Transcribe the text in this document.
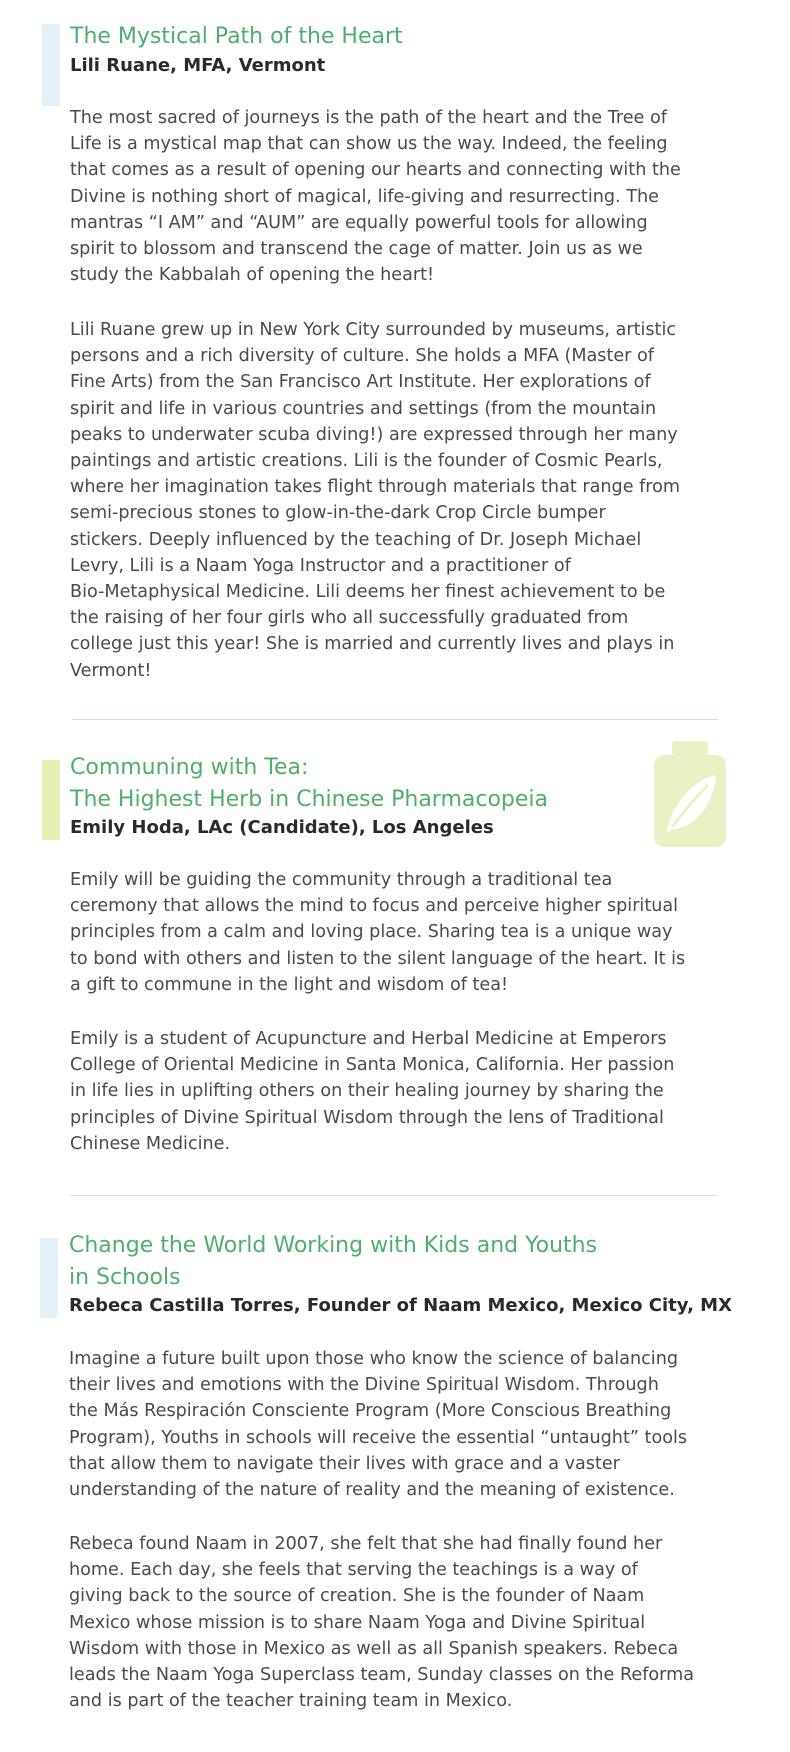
The Mystical Path of the Heart
Lili Ruane, MFA, Vermont

The most sacred of journeys is the path of the heart and the Tree of
Life is a mystical map that can show us the way. Indeed, the feeling
that comes as a result of opening our hearts and connecting with the
Divine is nothing short of magical, life-giving and resurrecting. The
mantras “I AM” and “AUM” are equally powerful tools for allowing
spirit to blossom and transcend the cage of matter. Join us as we
study the Kabbalah of opening the heart!

Lili Ruane grew up in New York City surrounded by museums, artistic
persons and a rich diversity of culture. She holds a MFA (Master of
Fine Arts) from the San Francisco Art Institute. Her explorations of
spirit and life in various countries and settings (from the mountain
peaks to underwater scuba diving!) are expressed through her many
paintings and artistic creations. Lili is the founder of Cosmic Pearls,
where her imagination takes flight through materials that range from
semi-precious stones to glow-in-the-dark Crop Circle bumper
stickers. Deeply influenced by the teaching of Dr. Joseph Michael
Levry, Lili is a Naam Yoga Instructor and a practitioner of
Bio-Metaphysical Medicine. Lili deems her finest achievement to be
the raising of her four girls who all successfully graduated from
college just this year! She is married and currently lives and plays in
Vermont!

Communing with Tea:
The Highest Herb in Chinese Pharmacopeia
Emily Hoda, LAc (Candidate), Los Angeles

Emily will be guiding the community through a traditional tea
ceremony that allows the mind to focus and perceive higher spiritual
principles from a calm and loving place. Sharing tea is a unique way
to bond with others and listen to the silent language of the heart. It is
a gift to commune in the light and wisdom of tea!

Emily is a student of Acupuncture and Herbal Medicine at Emperors
College of Oriental Medicine in Santa Monica, California. Her passion
in life lies in uplifting others on their healing journey by sharing the
principles of Divine Spiritual Wisdom through the lens of Traditional
Chinese Medicine.

Change the World Working with Kids and Youths
in Schools
Rebeca Castilla Torres, Founder of Naam Mexico, Mexico City, MX

Imagine a future built upon those who know the science of balancing
their lives and emotions with the Divine Spiritual Wisdom. Through
the Más Respiración Consciente Program (More Conscious Breathing
Program), Youths in schools will receive the essential “untaught” tools
that allow them to navigate their lives with grace and a vaster
understanding of the nature of reality and the meaning of existence.

Rebeca found Naam in 2007, she felt that she had finally found her
home. Each day, she feels that serving the teachings is a way of
giving back to the source of creation. She is the founder of Naam
Mexico whose mission is to share Naam Yoga and Divine Spiritual
Wisdom with those in Mexico as well as all Spanish speakers. Rebeca
leads the Naam Yoga Superclass team, Sunday classes on the Reforma
and is part of the teacher training team in Mexico.
